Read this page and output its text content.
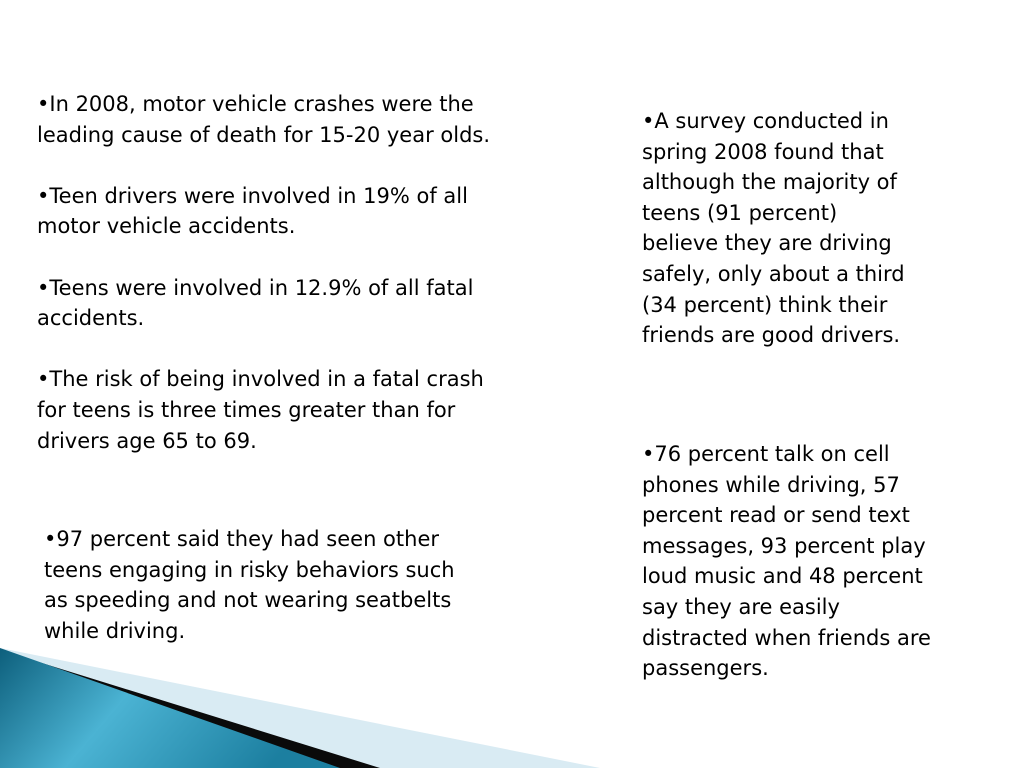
•In 2008, motor vehicle crashes were the
leading cause of death for 15-20 year olds.

•Teen drivers were involved in 19% of all
motor vehicle accidents.

•Teens were involved in 12.9% of all fatal
accidents.

•The risk of being involved in a fatal crash
for teens is three times greater than for
drivers age 65 to 69.

•97 percent said they had seen other
teens engaging in risky behaviors such
as speeding and not wearing seatbelts
while driving.

•A survey conducted in
spring 2008 found that
although the majority of
teens (91 percent)
believe they are driving
safely, only about a third
(34 percent) think their
friends are good drivers.

•76 percent talk on cell
phones while driving, 57
percent read or send text
messages, 93 percent play
loud music and 48 percent
say they are easily
distracted when friends are
passengers.
